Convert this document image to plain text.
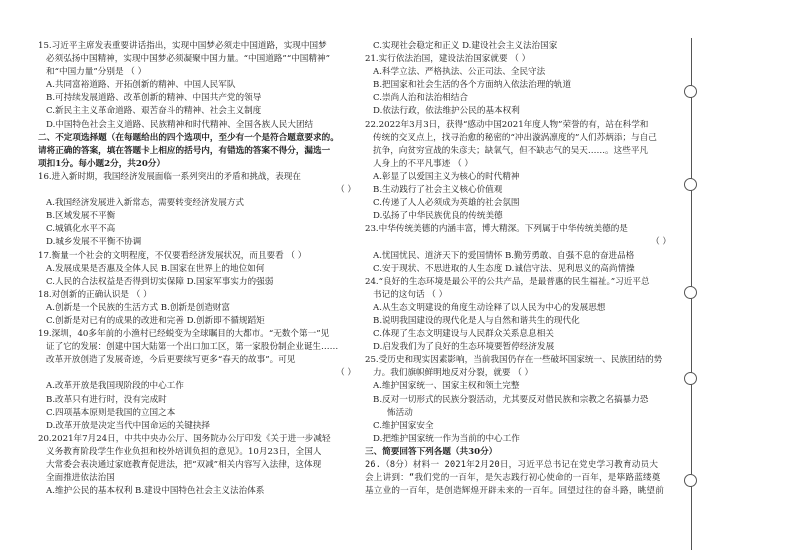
15.习近平主席发表重要讲话指出，实现中国梦必须走中国道路，实现中国梦
必须弘扬中国精神，实现中国梦必须凝聚中国力量。“中国道路”“中国精神”
和“中国力量”分别是 （ ）
A.共同富裕道路、开拓创新的精神、中国人民军队
B.可持续发展道路、改革创新的精神、中国共产党的领导
C.新民主主义革命道路、艰苦奋斗的精神、社会主义制度
D.中国特色社会主义道路、民族精神和时代精神、全国各族人民大团结
二、不定项选择题（在每题给出的四个选项中，至少有一个是符合题意要求的。
请将正确的答案，填在答题卡上相应的括号内，有错选的答案不得分，漏选一
项扣1分。每小题2分，共20分）
16.进入新时期，我国经济发展面临一系列突出的矛盾和挑战，表现在
（ ）
A.我国经济发展进入新常态，需要转变经济发展方式
B.区域发展不平衡
C.城镇化水平不高
D.城乡发展不平衡不协调
17.衡量一个社会的文明程度，不仅要看经济发展状况，而且要看 （ ）
A.发展成果是否惠及全体人民 B.国家在世界上的地位如何
C.人民的合法权益是否得到切实保障 D.国家军事实力的强弱
18.对创新的正确认识是 （ ）
A.创新是一个民族的生活方式 B.创新是创造财富
C.创新是对已有的成果的改进和完善 D.创新即不循规蹈矩
19.深圳，40多年前的小渔村已经蜕变为全球瞩目的大都市。“无数个第一”见
证了它的发展：创建中国大陆第一个出口加工区，第一家股份制企业诞生……
改革开放创造了发展奇迹，今后更要续写更多“春天的故事”。可见
（ ）
A.改革开放是我国现阶段的中心工作
B.改革只有进行时，没有完成时
C.四项基本原则是我国的立国之本
D.改革开放是决定当代中国命运的关键抉择
20.2021年7月24日，中共中央办公厅、国务院办公厅印发《关于进一步减轻
义务教育阶段学生作业负担和校外培训负担的意见》。10月23日，全国人
大常委会表决通过家庭教育促进法，把“双减”相关内容写入法律，这体现
全面推进依法治国
A.维护公民的基本权利 B.建设中国特色社会主义法治体系
C.实现社会稳定和正义 D.建设社会主义法治国家
21.实行依法治国，建设法治国家就要 （ ）
A.科学立法、严格执法、公正司法、全民守法
B.把国家和社会生活的各个方面纳入依法治理的轨道
C.崇尚人治和法治相结合
D.依法行政，依法维护公民的基本权利
22.2022年3月3日，获得“感动中国2021年度人物”荣誉的有，站在科学和
传统的交叉点上，找寻治愈的秘密的“冲出漩涡凛度的”人们苏炳添；与自己
抗争，向贫穷宣战的朱彦夫；缺氧气，但不缺志气的吴天……。这些平凡
人身上的不平凡事迹 （ ）
A.彰显了以爱国主义为核心的时代精神
B.生动践行了社会主义核心价值观
C.传递了人人必须成为英雄的社会氛围
D.弘扬了中华民族优良的传统美德
23.中华传统美德的内涵丰富，博大精深。下列属于中华传统美德的是
（ ）
A.忧国忧民、道济天下的爱国情怀 B.勤劳勇敢、自强不息的奋进品格
C.安于现状、不思进取的人生态度 D.诚信守法、见利思义的高尚情操
24.“良好的生态环境是最公平的公共产品，是最普惠的民生福祉。”习近平总
书记的这句话 （ ）
A.从生态文明建设的角度生动诠释了以人民为中心的发展思想
B.说明我国建设的现代化是人与自然和谐共生的现代化
C.体现了生态文明建设与人民群众关系息息相关
D.启发我们为了良好的生态环境要暂停经济发展
25.受历史和现实因素影响，当前我国仍存在一些破坏国家统一、民族团结的势
力。我们旗帜鲜明地反对分裂，就要 （ ）
A.维护国家统一、国家主权和领土完整
B.反对一切形式的民族分裂活动，尤其要反对借民族和宗教之名搞暴力恐
怖活动
C.维护国家安全
D.把维护国家统一作为当前的中心工作
三、简要回答下列各题（共30分）
26.（8分）材料一 2021年2月20日，习近平总书记在党史学习教育动员大
会上讲到：“我们党的一百年，是矢志践行初心使命的一百年，是筚路蓝缕奠
基立业的一百年，是创造辉煌开辟未来的一百年。回望过往的奋斗路，眺望前
